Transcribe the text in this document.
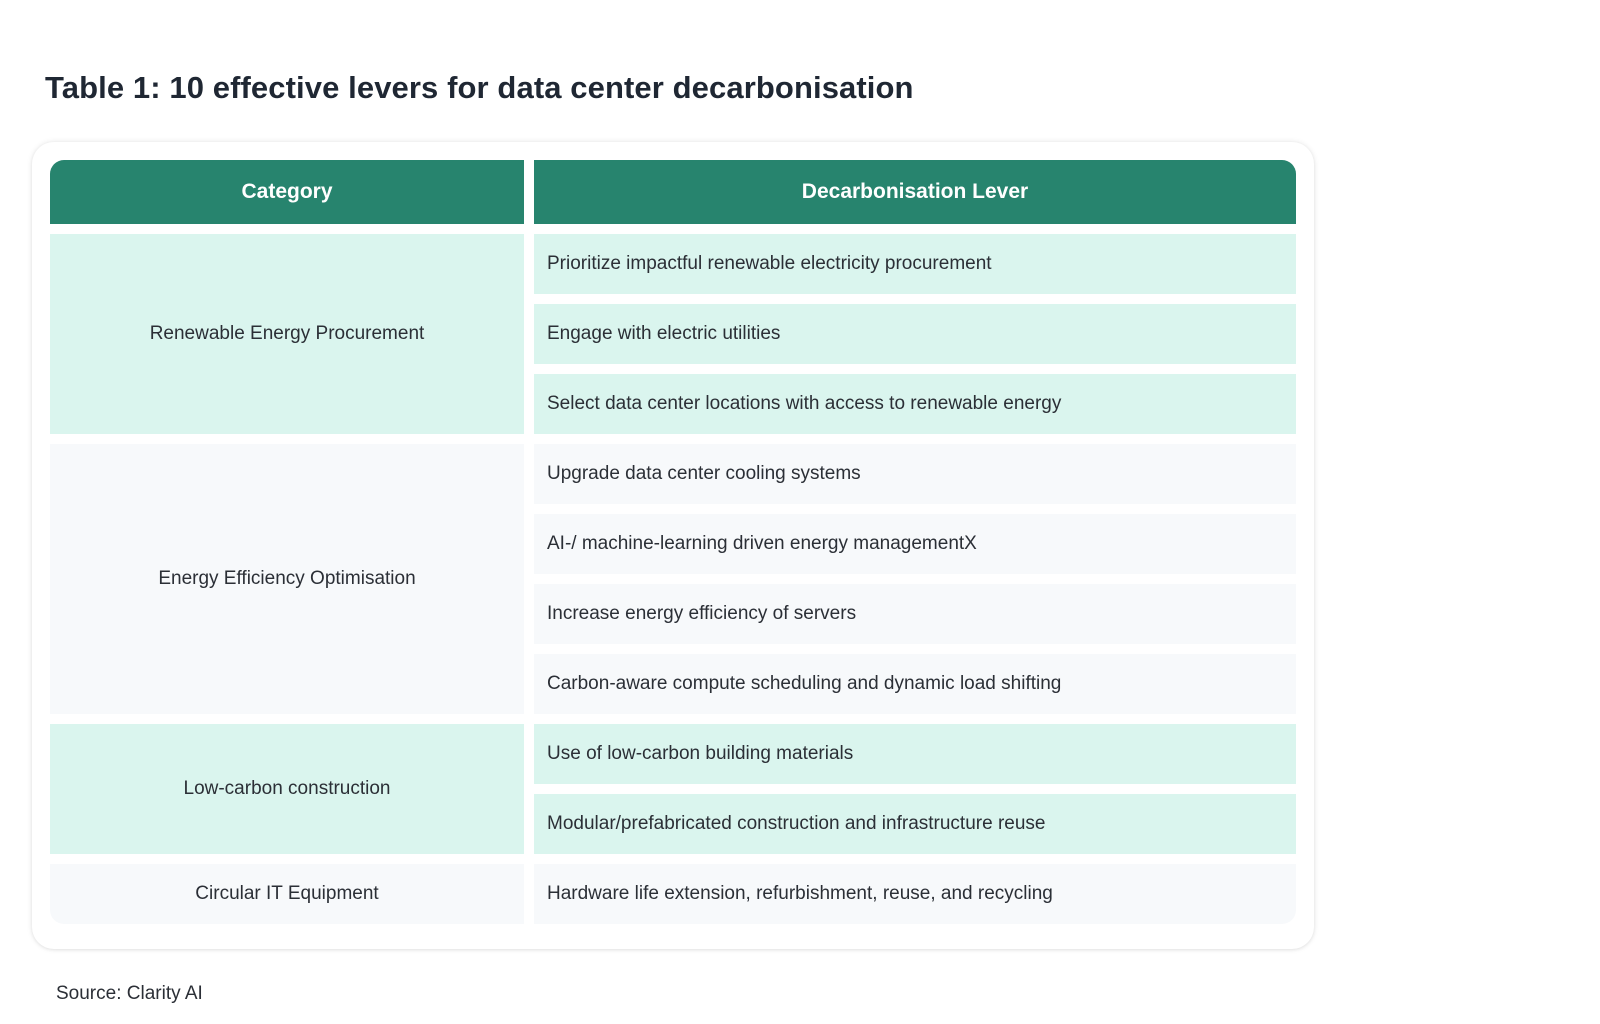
Table 1: 10 effective levers for data center decarbonisation
Category	Decarbonisation Lever
Renewable Energy Procurement
Prioritize impactful renewable electricity procurement
Engage with electric utilities
Select data center locations with access to renewable energy
Energy Efficiency Optimisation
Upgrade data center cooling systems
AI-/ machine-learning driven energy managementX
Increase energy efficiency of servers
Carbon-aware compute scheduling and dynamic load shifting
Low-carbon construction
Use of low-carbon building materials
Modular/prefabricated construction and infrastructure reuse
Circular IT Equipment	Hardware life extension, refurbishment, reuse, and recycling
Source: Clarity AI
